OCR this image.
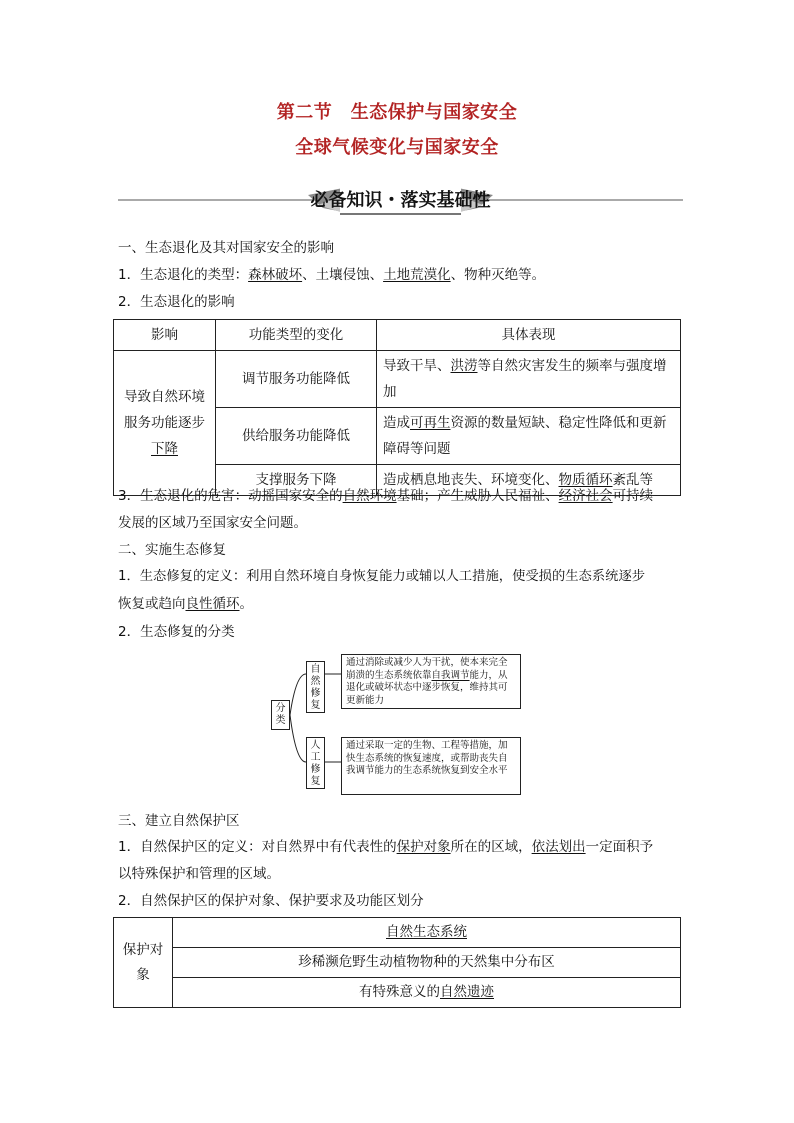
第二节　生态保护与国家安全
全球气候变化与国家安全
必备知识・落实基础性
一、生态退化及其对国家安全的影响
1．生态退化的类型：森林破坏、土壤侵蚀、土地荒漠化、物种灭绝等。
2．生态退化的影响
影响	功能类型的变化	具体表现

导致自然环境
服务功能逐步
下降	调节服务功能降低	导致干旱、洪涝等自然灾害发生的频率与强度增加
	供给服务功能降低	造成可再生资源的数量短缺、稳定性降低和更新障碍等问题
	支撑服务下降	造成栖息地丧失、环境变化、物质循环紊乱等
3．生态退化的危害：动摇国家安全的自然环境基础；产生威胁人民福祉、经济社会可持续
发展的区域乃至国家安全问题。
二、实施生态修复
1．生态修复的定义：利用自然环境自身恢复能力或辅以人工措施，使受损的生态系统逐步
恢复或趋向良性循环。
2．生态修复的分类
分类
自然修复
人工修复
通过消除或减少人为干扰，使本来完全崩溃的生态系统依靠自我调节能力，从退化或破坏状态中逐步恢复，维持其可更新能力
通过采取一定的生物、工程等措施，加快生态系统的恢复速度，或帮助丧失自我调节能力的生态系统恢复到安全水平
三、建立自然保护区
1．自然保护区的定义：对自然界中有代表性的保护对象所在的区域，依法划出一定面积予
以特殊保护和管理的区域。
2．自然保护区的保护对象、保护要求及功能区划分
保护对
象
	自然生态系统
珍稀濒危野生动植物物种的天然集中分布区
有特殊意义的自然遗迹
